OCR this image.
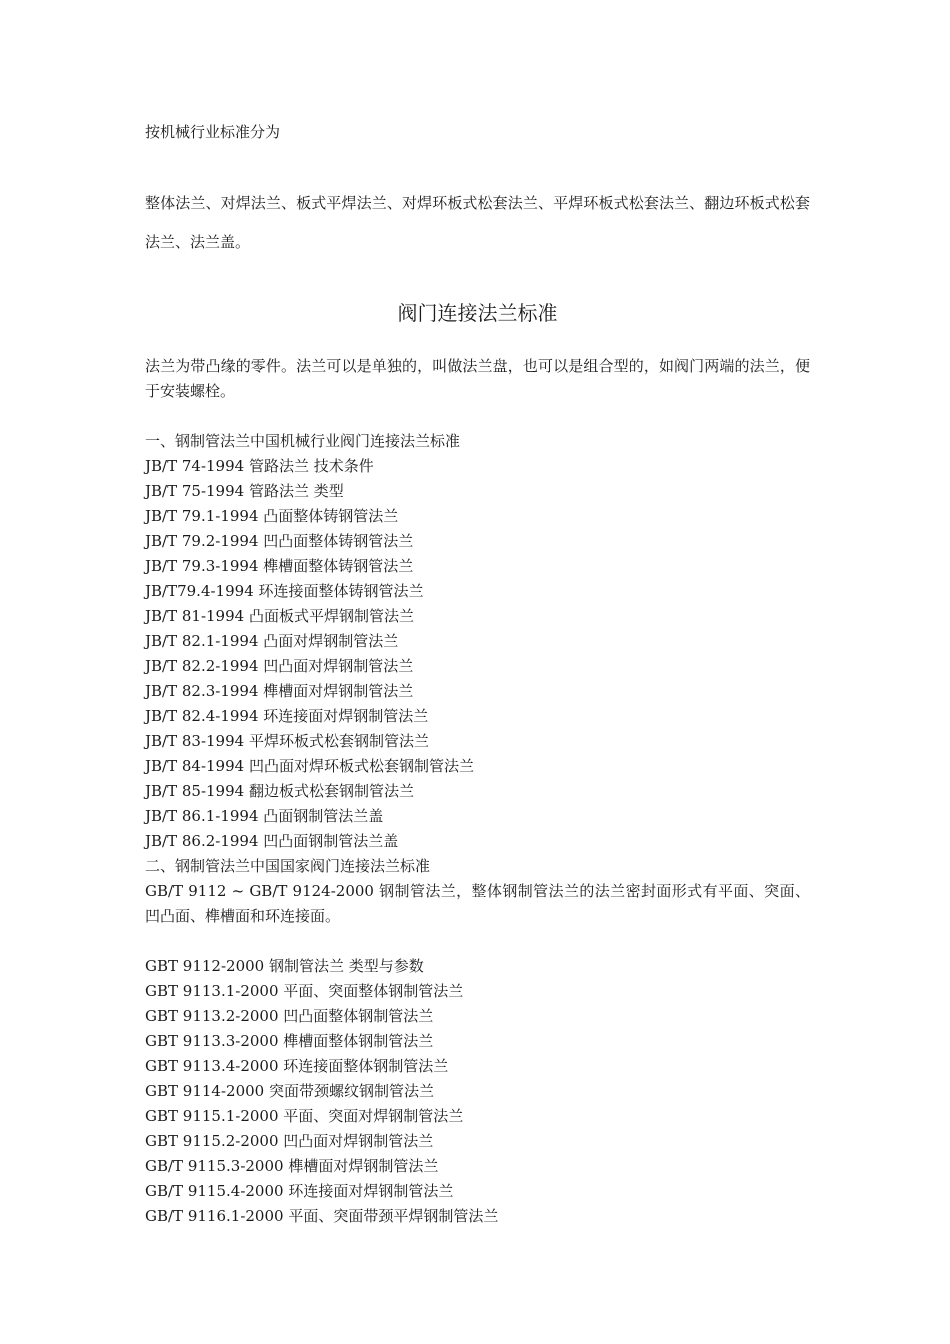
按机械行业标准分为
整体法兰、对焊法兰、板式平焊法兰、对焊环板式松套法兰、平焊环板式松套法兰、翻边环板式松套法兰、法兰盖。
阀门连接法兰标准
法兰为带凸缘的零件。法兰可以是单独的，叫做法兰盘，也可以是组合型的，如阀门两端的法兰，便于安装螺栓。
一、钢制管法兰中国机械行业阀门连接法兰标准
JB/T 74-1994 管路法兰 技术条件
JB/T 75-1994 管路法兰 类型
JB/T 79.1-1994 凸面整体铸钢管法兰
JB/T 79.2-1994 凹凸面整体铸钢管法兰
JB/T 79.3-1994 榫槽面整体铸钢管法兰
JB/T79.4-1994 环连接面整体铸钢管法兰
JB/T 81-1994 凸面板式平焊钢制管法兰
JB/T 82.1-1994 凸面对焊钢制管法兰
JB/T 82.2-1994 凹凸面对焊钢制管法兰
JB/T 82.3-1994 榫槽面对焊钢制管法兰
JB/T 82.4-1994 环连接面对焊钢制管法兰
JB/T 83-1994 平焊环板式松套钢制管法兰
JB/T 84-1994 凹凸面对焊环板式松套钢制管法兰
JB/T 85-1994 翻边板式松套钢制管法兰
JB/T 86.1-1994 凸面钢制管法兰盖
JB/T 86.2-1994 凹凸面钢制管法兰盖
二、钢制管法兰中国国家阀门连接法兰标准
GB/T 9112 ~ GB/T 9124-2000 钢制管法兰，整体钢制管法兰的法兰密封面形式有平面、突面、凹凸面、榫槽面和环连接面。
GBT 9112-2000 钢制管法兰 类型与参数
GBT 9113.1-2000 平面、突面整体钢制管法兰
GBT 9113.2-2000 凹凸面整体钢制管法兰
GBT 9113.3-2000 榫槽面整体钢制管法兰
GBT 9113.4-2000 环连接面整体钢制管法兰
GBT 9114-2000 突面带颈螺纹钢制管法兰
GBT 9115.1-2000 平面、突面对焊钢制管法兰
GBT 9115.2-2000 凹凸面对焊钢制管法兰
GB/T 9115.3-2000 榫槽面对焊钢制管法兰
GB/T 9115.4-2000 环连接面对焊钢制管法兰
GB/T 9116.1-2000 平面、突面带颈平焊钢制管法兰
